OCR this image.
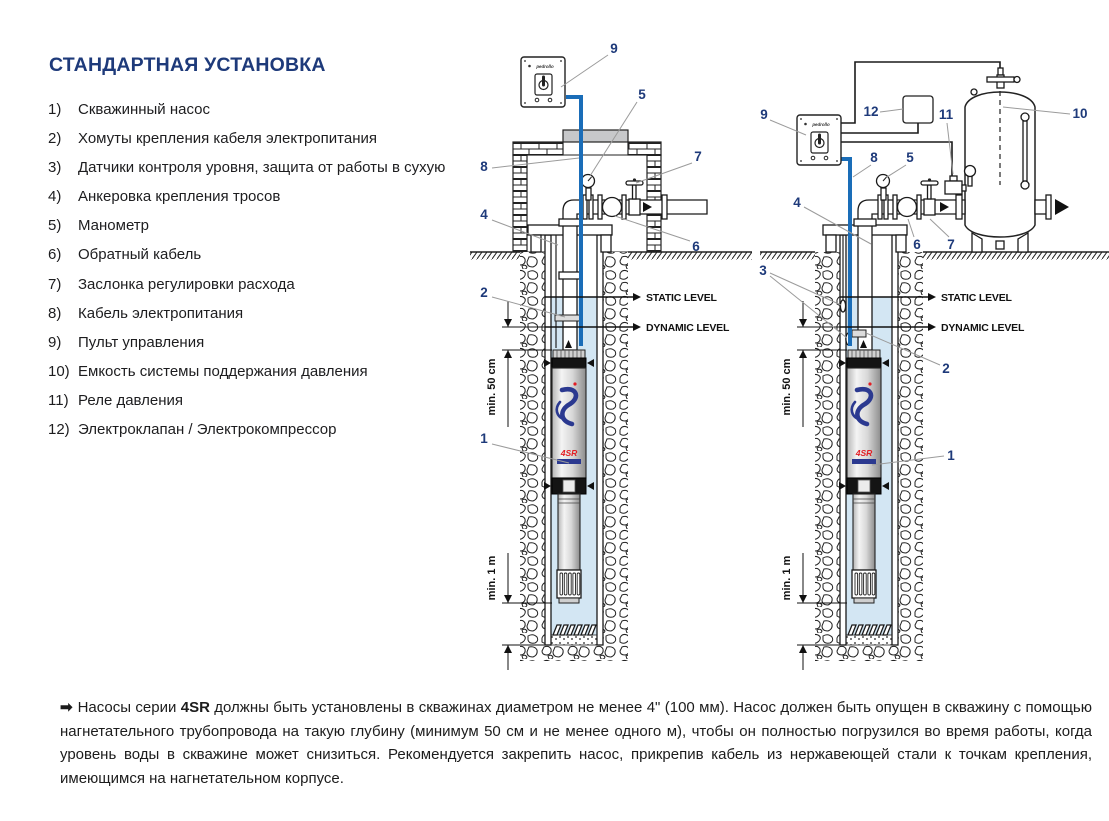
СТАНДАРТНАЯ УСТАНОВКА
1)	Скважинный насос
2)	Хомуты крепления кабеля электропитания
3)	Датчики контроля уровня, защита от работы в сухую
4)	Анкеровка крепления тросов
5)	Манометр
6)	Обратный кабель
7)	Заслонка регулировки расхода
8)	Кабель электропитания
9)	Пульт управления
10) Емкость системы поддержания давления
11) Реле давления
12) Электроклапан / Электрокомпрессор
pedrollo	9
5
7
6
8
4
2
1
9	12	11	10
8 5
4
6 7
3
2
1

➡ Насосы серии 4SR должны быть установлены в скважинах диаметром не менее 4" (100 мм). Насос должен быть опущен в скважину с помощью нагнетательного трубопровода на такую глубину (минимум 50 см и не менее одного м), чтобы он полностью погрузился во время работы, когда уровень воды в скважине может снизиться. Рекомендуется закрепить насос, прикрепив кабель из нержавеющей стали к точкам крепления, имеющимся на нагнетательном корпусе.
